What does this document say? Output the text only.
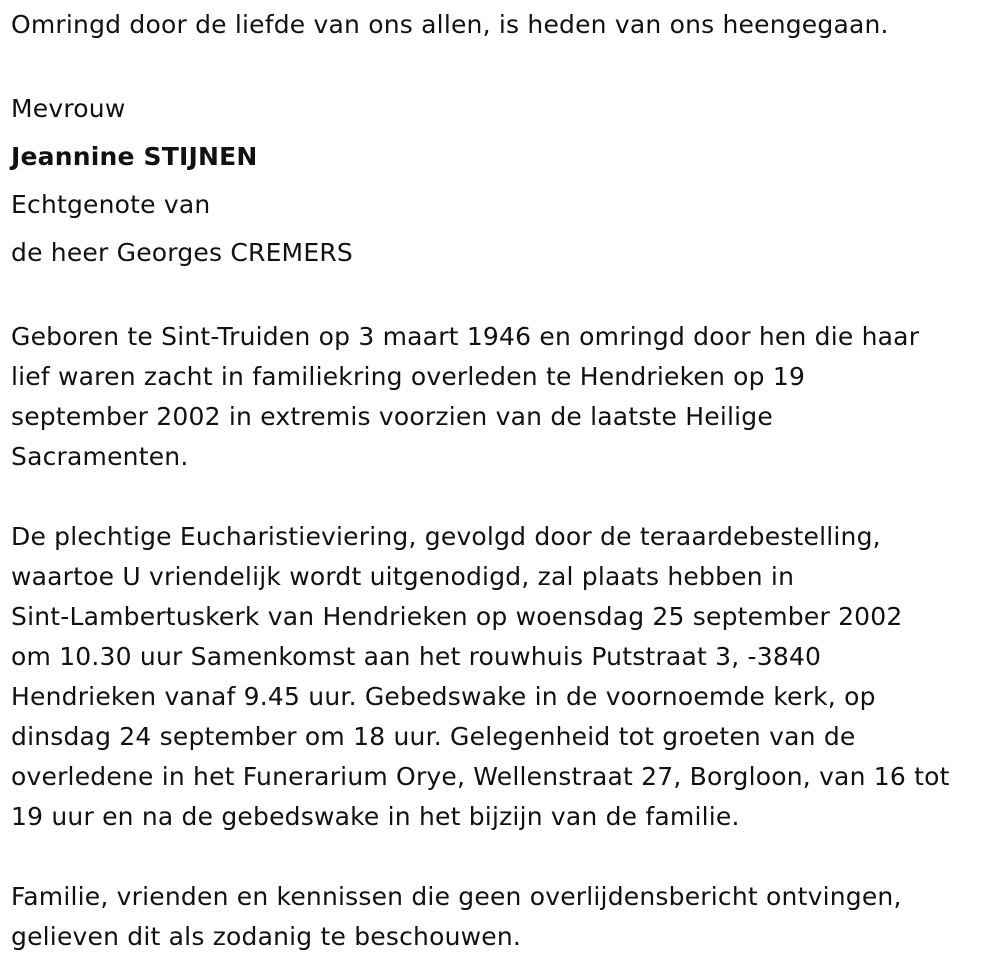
Omringd door de liefde van ons allen, is heden van ons heengegaan.

Mevrouw

Jeannine STIJNEN

Echtgenote van

de heer Georges CREMERS

Geboren te Sint-Truiden op 3 maart 1946 en omringd door hen die haar
lief waren zacht in familiekring overleden te Hendrieken op 19
september 2002 in extremis voorzien van de laatste Heilige
Sacramenten.
De plechtige Eucharistieviering, gevolgd door de teraardebestelling,
waartoe U vriendelijk wordt uitgenodigd, zal plaats hebben in
Sint-Lambertuskerk van Hendrieken op woensdag 25 september 2002
om 10.30 uur Samenkomst aan het rouwhuis Putstraat 3, -3840
Hendrieken vanaf 9.45 uur. Gebedswake in de voornoemde kerk, op
dinsdag 24 september om 18 uur. Gelegenheid tot groeten van de
overledene in het Funerarium Orye, Wellenstraat 27, Borgloon, van 16 tot
19 uur en na de gebedswake in het bijzijn van de familie.
Familie, vrienden en kennissen die geen overlijdensbericht ontvingen,
gelieven dit als zodanig te beschouwen.
